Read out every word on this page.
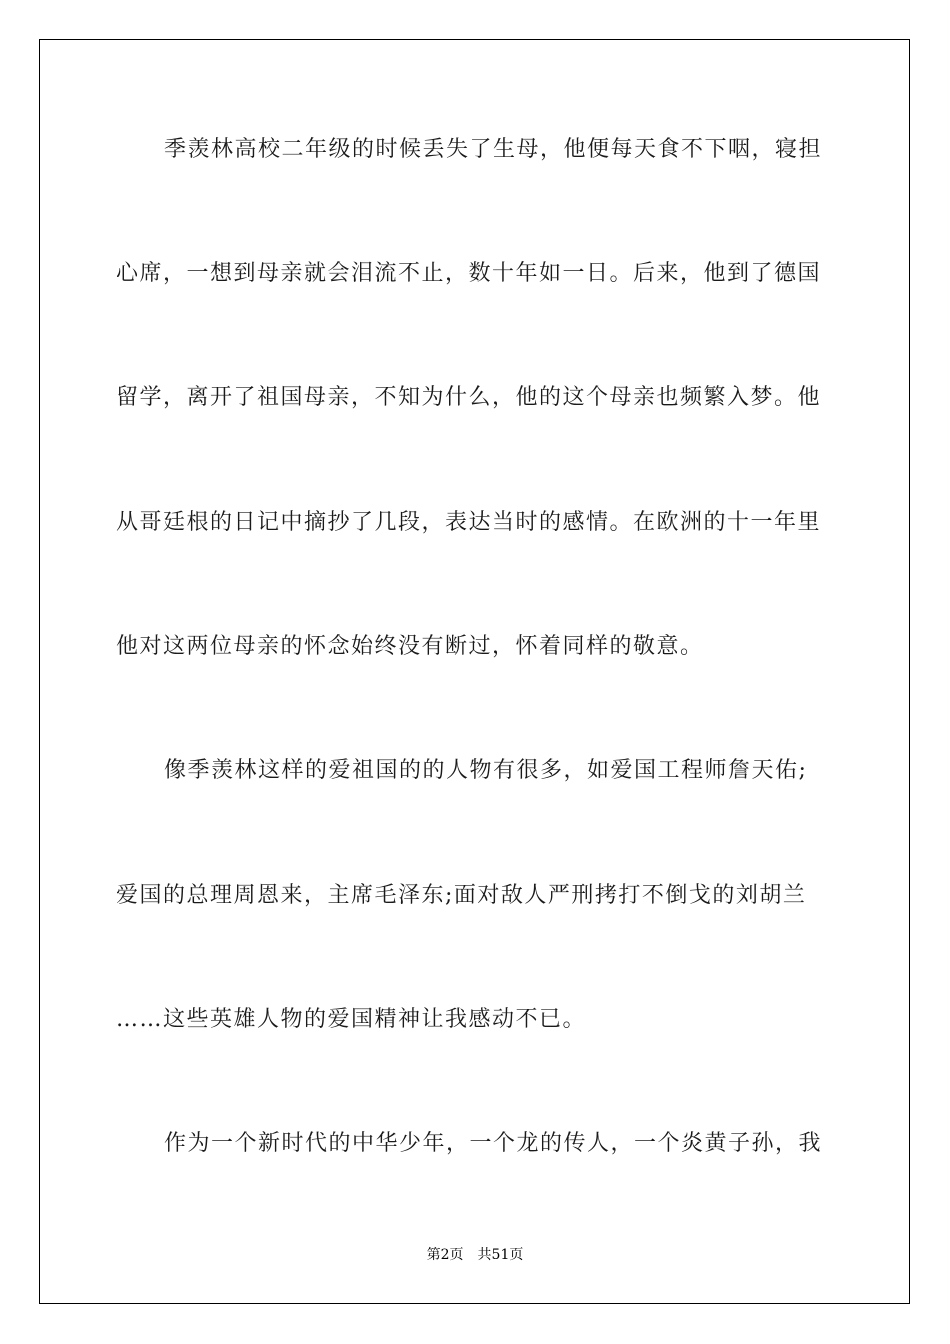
季羡林高校二年级的时候丢失了生母，他便每天食不下咽，寝担
心席，一想到母亲就会泪流不止，数十年如一日。后来，他到了德国
留学，离开了祖国母亲，不知为什么，他的这个母亲也频繁入梦。他
从哥廷根的日记中摘抄了几段，表达当时的感情。在欧洲的十一年里
他对这两位母亲的怀念始终没有断过，怀着同样的敬意。
像季羡林这样的爱祖国的的人物有很多，如爱国工程师詹天佑;
爱国的总理周恩来，主席毛泽东;面对敌人严刑拷打不倒戈的刘胡兰
……这些英雄人物的爱国精神让我感动不已。
作为一个新时代的中华少年，一个龙的传人，一个炎黄子孙，我
第2页 共51页
